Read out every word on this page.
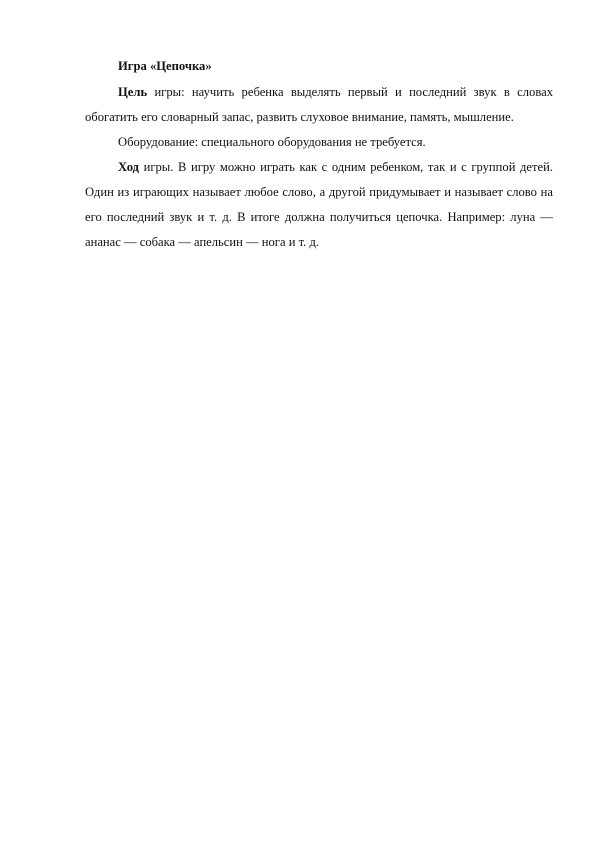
Игра «Цепочка»

Цель игры: научить ребенка выделять первый и последний звук в словах обогатить его словарный запас, развить слуховое внимание, память, мышление.

Оборудование: специального оборудования не требуется.

Ход игры. В игру можно играть как с одним ребенком, так и с группой детей. Один из играющих называет любое слово, а другой придумывает и называет слово на его последний звук и т. д. В итоге должна получиться цепочка. Например: луна — ананас — собака — апельсин — нога и т. д.
